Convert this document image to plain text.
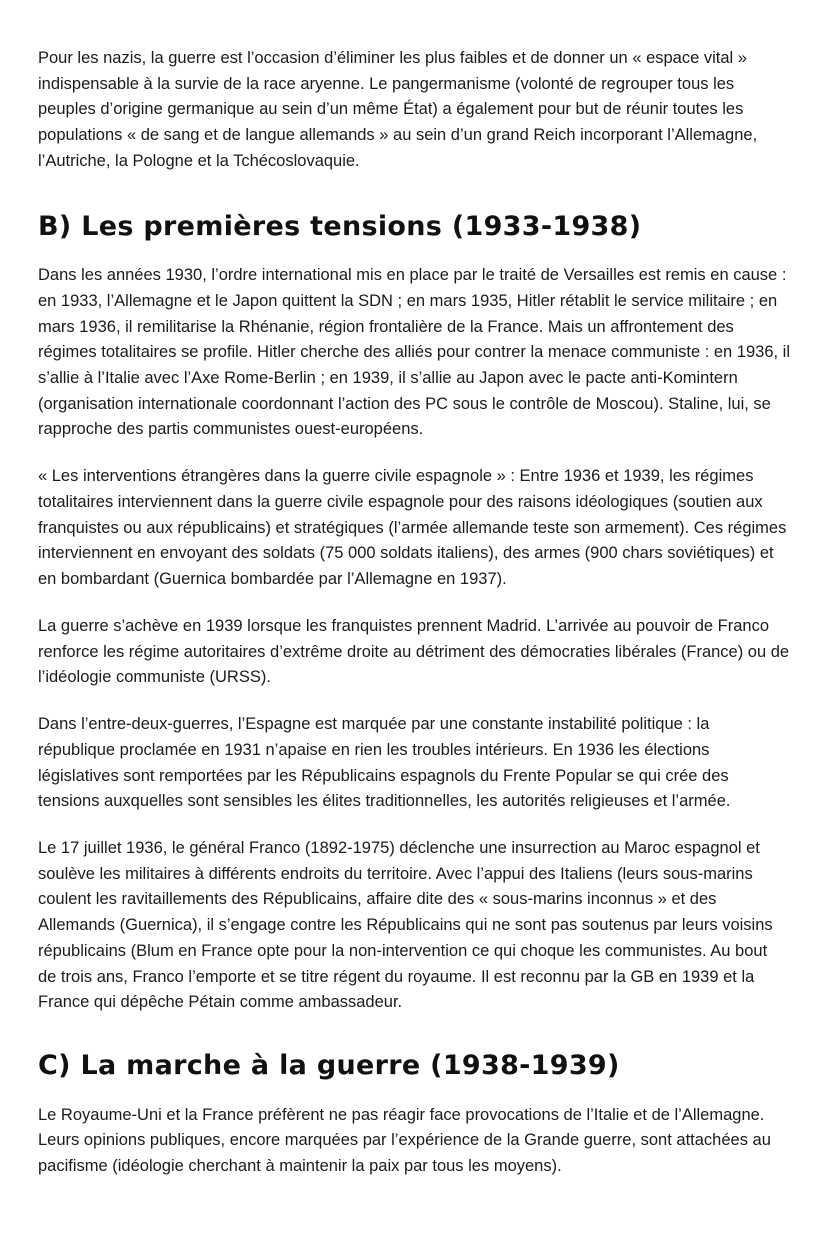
Pour les nazis, la guerre est l’occasion d’éliminer les plus faibles et de donner un « espace vital » indispensable à la survie de la race aryenne. Le pangermanisme (volonté de regrouper tous les peuples d’origine germanique au sein d’un même État) a également pour but de réunir toutes les populations « de sang et de langue allemands » au sein d’un grand Reich incorporant l’Allemagne, l’Autriche, la Pologne et la Tchécoslovaquie.

B) Les premières tensions (1933-1938)

Dans les années 1930, l’ordre international mis en place par le traité de Versailles est remis en cause : en 1933, l’Allemagne et le Japon quittent la SDN ; en mars 1935, Hitler rétablit le service militaire ; en mars 1936, il remilitarise la Rhénanie, région frontalière de la France. Mais un affrontement des régimes totalitaires se profile. Hitler cherche des alliés pour contrer la menace communiste : en 1936, il s’allie à l’Italie avec l’Axe Rome-Berlin ; en 1939, il s’allie au Japon avec le pacte anti-Komintern (organisation internationale coordonnant l’action des PC sous le contrôle de Moscou). Staline, lui, se rapproche des partis communistes ouest-européens.

« Les interventions étrangères dans la guerre civile espagnole » : Entre 1936 et 1939, les régimes totalitaires interviennent dans la guerre civile espagnole pour des raisons idéologiques (soutien aux franquistes ou aux républicains) et stratégiques (l’armée allemande teste son armement). Ces régimes interviennent en envoyant des soldats (75 000 soldats italiens), des armes (900 chars soviétiques) et en bombardant (Guernica bombardée par l’Allemagne en 1937).

La guerre s’achève en 1939 lorsque les franquistes prennent Madrid. L’arrivée au pouvoir de Franco renforce les régime autoritaires d’extrême droite au détriment des démocraties libérales (France) ou de l’idéologie communiste (URSS).

Dans l’entre-deux-guerres, l’Espagne est marquée par une constante instabilité politique : la république proclamée en 1931 n’apaise en rien les troubles intérieurs. En 1936 les élections législatives sont remportées par les Républicains espagnols du Frente Popular se qui crée des tensions auxquelles sont sensibles les élites traditionnelles, les autorités religieuses et l’armée.

Le 17 juillet 1936, le général Franco (1892-1975) déclenche une insurrection au Maroc espagnol et soulève les militaires à différents endroits du territoire. Avec l’appui des Italiens (leurs sous-marins coulent les ravitaillements des Républicains, affaire dite des « sous-marins inconnus » et des Allemands (Guernica), il s’engage contre les Républicains qui ne sont pas soutenus par leurs voisins républicains (Blum en France opte pour la non-intervention ce qui choque les communistes. Au bout de trois ans, Franco l’emporte et se titre régent du royaume. Il est reconnu par la GB en 1939 et la France qui dépêche Pétain comme ambassadeur.

C) La marche à la guerre (1938-1939)

Le Royaume-Uni et la France préfèrent ne pas réagir face provocations de l’Italie et de l’Allemagne. Leurs opinions publiques, encore marquées par l’expérience de la Grande guerre, sont attachées au pacifisme (idéologie cherchant à maintenir la paix par tous les moyens).
